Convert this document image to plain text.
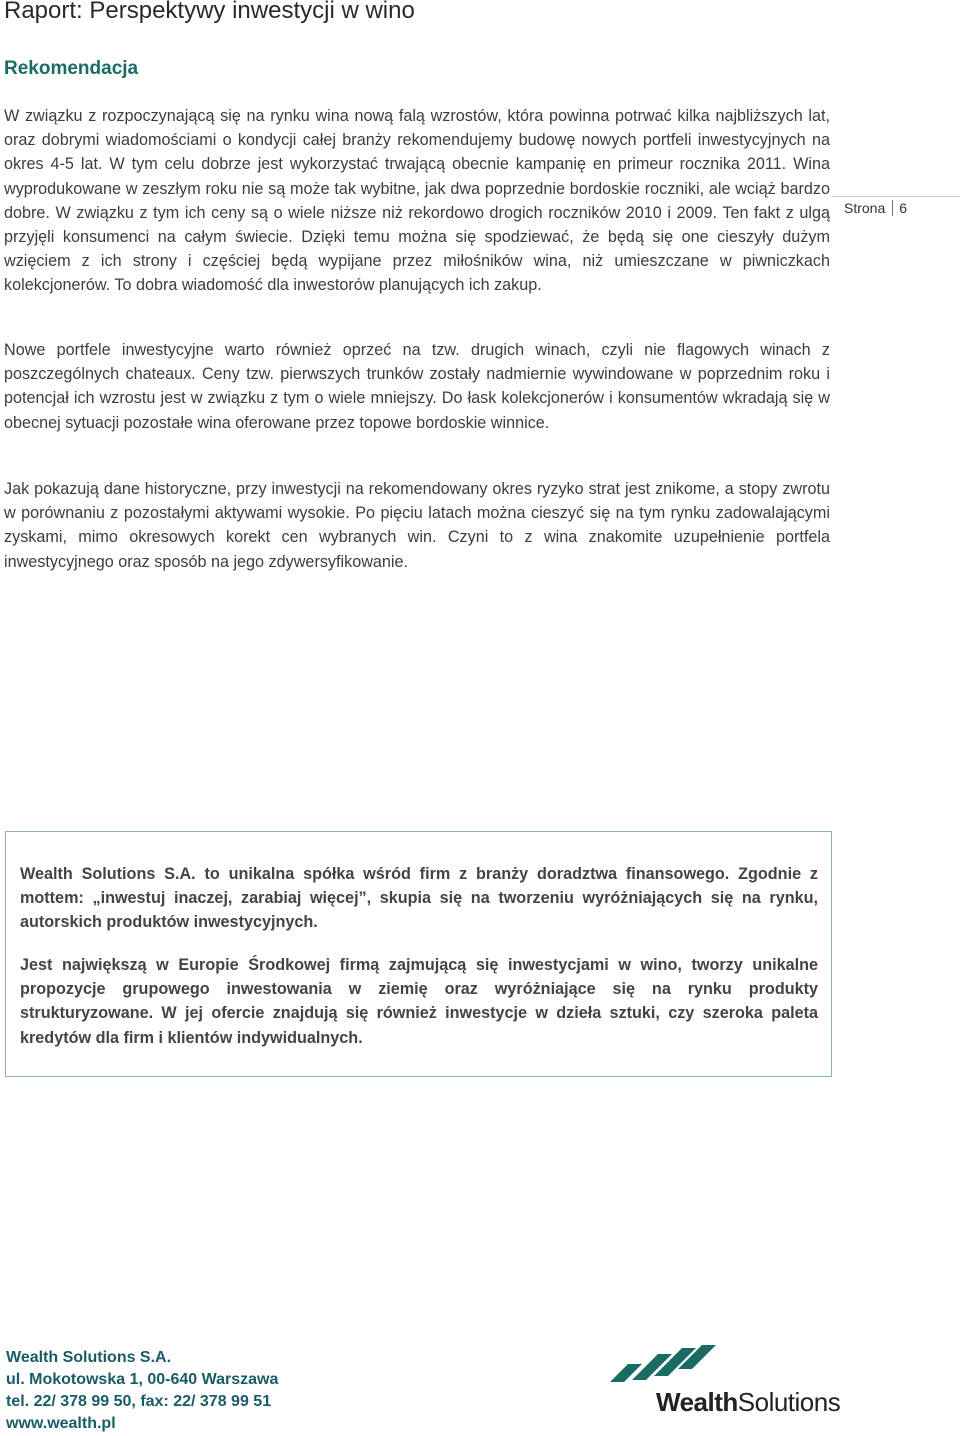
Raport: Perspektywy inwestycji w wino
Strona 6
Rekomendacja

W związku z rozpoczynającą się na rynku wina nową falą wzrostów, która powinna potrwać kilka najbliższych lat, oraz dobrymi wiadomościami o kondycji całej branży rekomendujemy budowę nowych portfeli inwestycyjnych na okres 4-5 lat. W tym celu dobrze jest wykorzystać trwającą obecnie kampanię en primeur rocznika 2011. Wina wyprodukowane w zeszłym roku nie są może tak wybitne, jak dwa poprzednie bordoskie roczniki, ale wciąż bardzo dobre. W związku z tym ich ceny są o wiele niższe niż rekordowo drogich roczników 2010 i 2009. Ten fakt z ulgą przyjęli konsumenci na całym świecie. Dzięki temu można się spodziewać, że będą się one cieszyły dużym wzięciem z ich strony i częściej będą wypijane przez miłośników wina, niż umieszczane w piwniczkach kolekcjonerów. To dobra wiadomość dla inwestorów planujących ich zakup.

Nowe portfele inwestycyjne warto również oprzeć na tzw. drugich winach, czyli nie flagowych winach z poszczególnych chateaux. Ceny tzw. pierwszych trunków zostały nadmiernie wywindowane w poprzednim roku i potencjał ich wzrostu jest w związku z tym o wiele mniejszy. Do łask kolekcjonerów i konsumentów wkradają się w obecnej sytuacji pozostałe wina oferowane przez topowe bordoskie winnice.

Jak pokazują dane historyczne, przy inwestycji na rekomendowany okres ryzyko strat jest znikome, a stopy zwrotu w porównaniu z pozostałymi aktywami wysokie. Po pięciu latach można cieszyć się na tym rynku zadowalającymi zyskami, mimo okresowych korekt cen wybranych win. Czyni to z wina znakomite uzupełnienie portfela inwestycyjnego oraz sposób na jego zdywersyfikowanie.

Wealth Solutions S.A. to unikalna spółka wśród firm z branży doradztwa finansowego. Zgodnie z mottem: „inwestuj inaczej, zarabiaj więcej”, skupia się na tworzeniu wyróżniających się na rynku, autorskich produktów inwestycyjnych.

Jest największą w Europie Środkowej firmą zajmującą się inwestycjami w wino, tworzy unikalne propozycje grupowego inwestowania w ziemię oraz wyróżniające się na rynku produkty strukturyzowane. W jej ofercie znajdują się również inwestycje w dzieła sztuki, czy szeroka paleta kredytów dla firm i klientów indywidualnych.

Wealth Solutions S.A.
ul. Mokotowska 1, 00-640 Warszawa
tel. 22/ 378 99 50, fax: 22/ 378 99 51
www.wealth.pl
WealthSolutions
